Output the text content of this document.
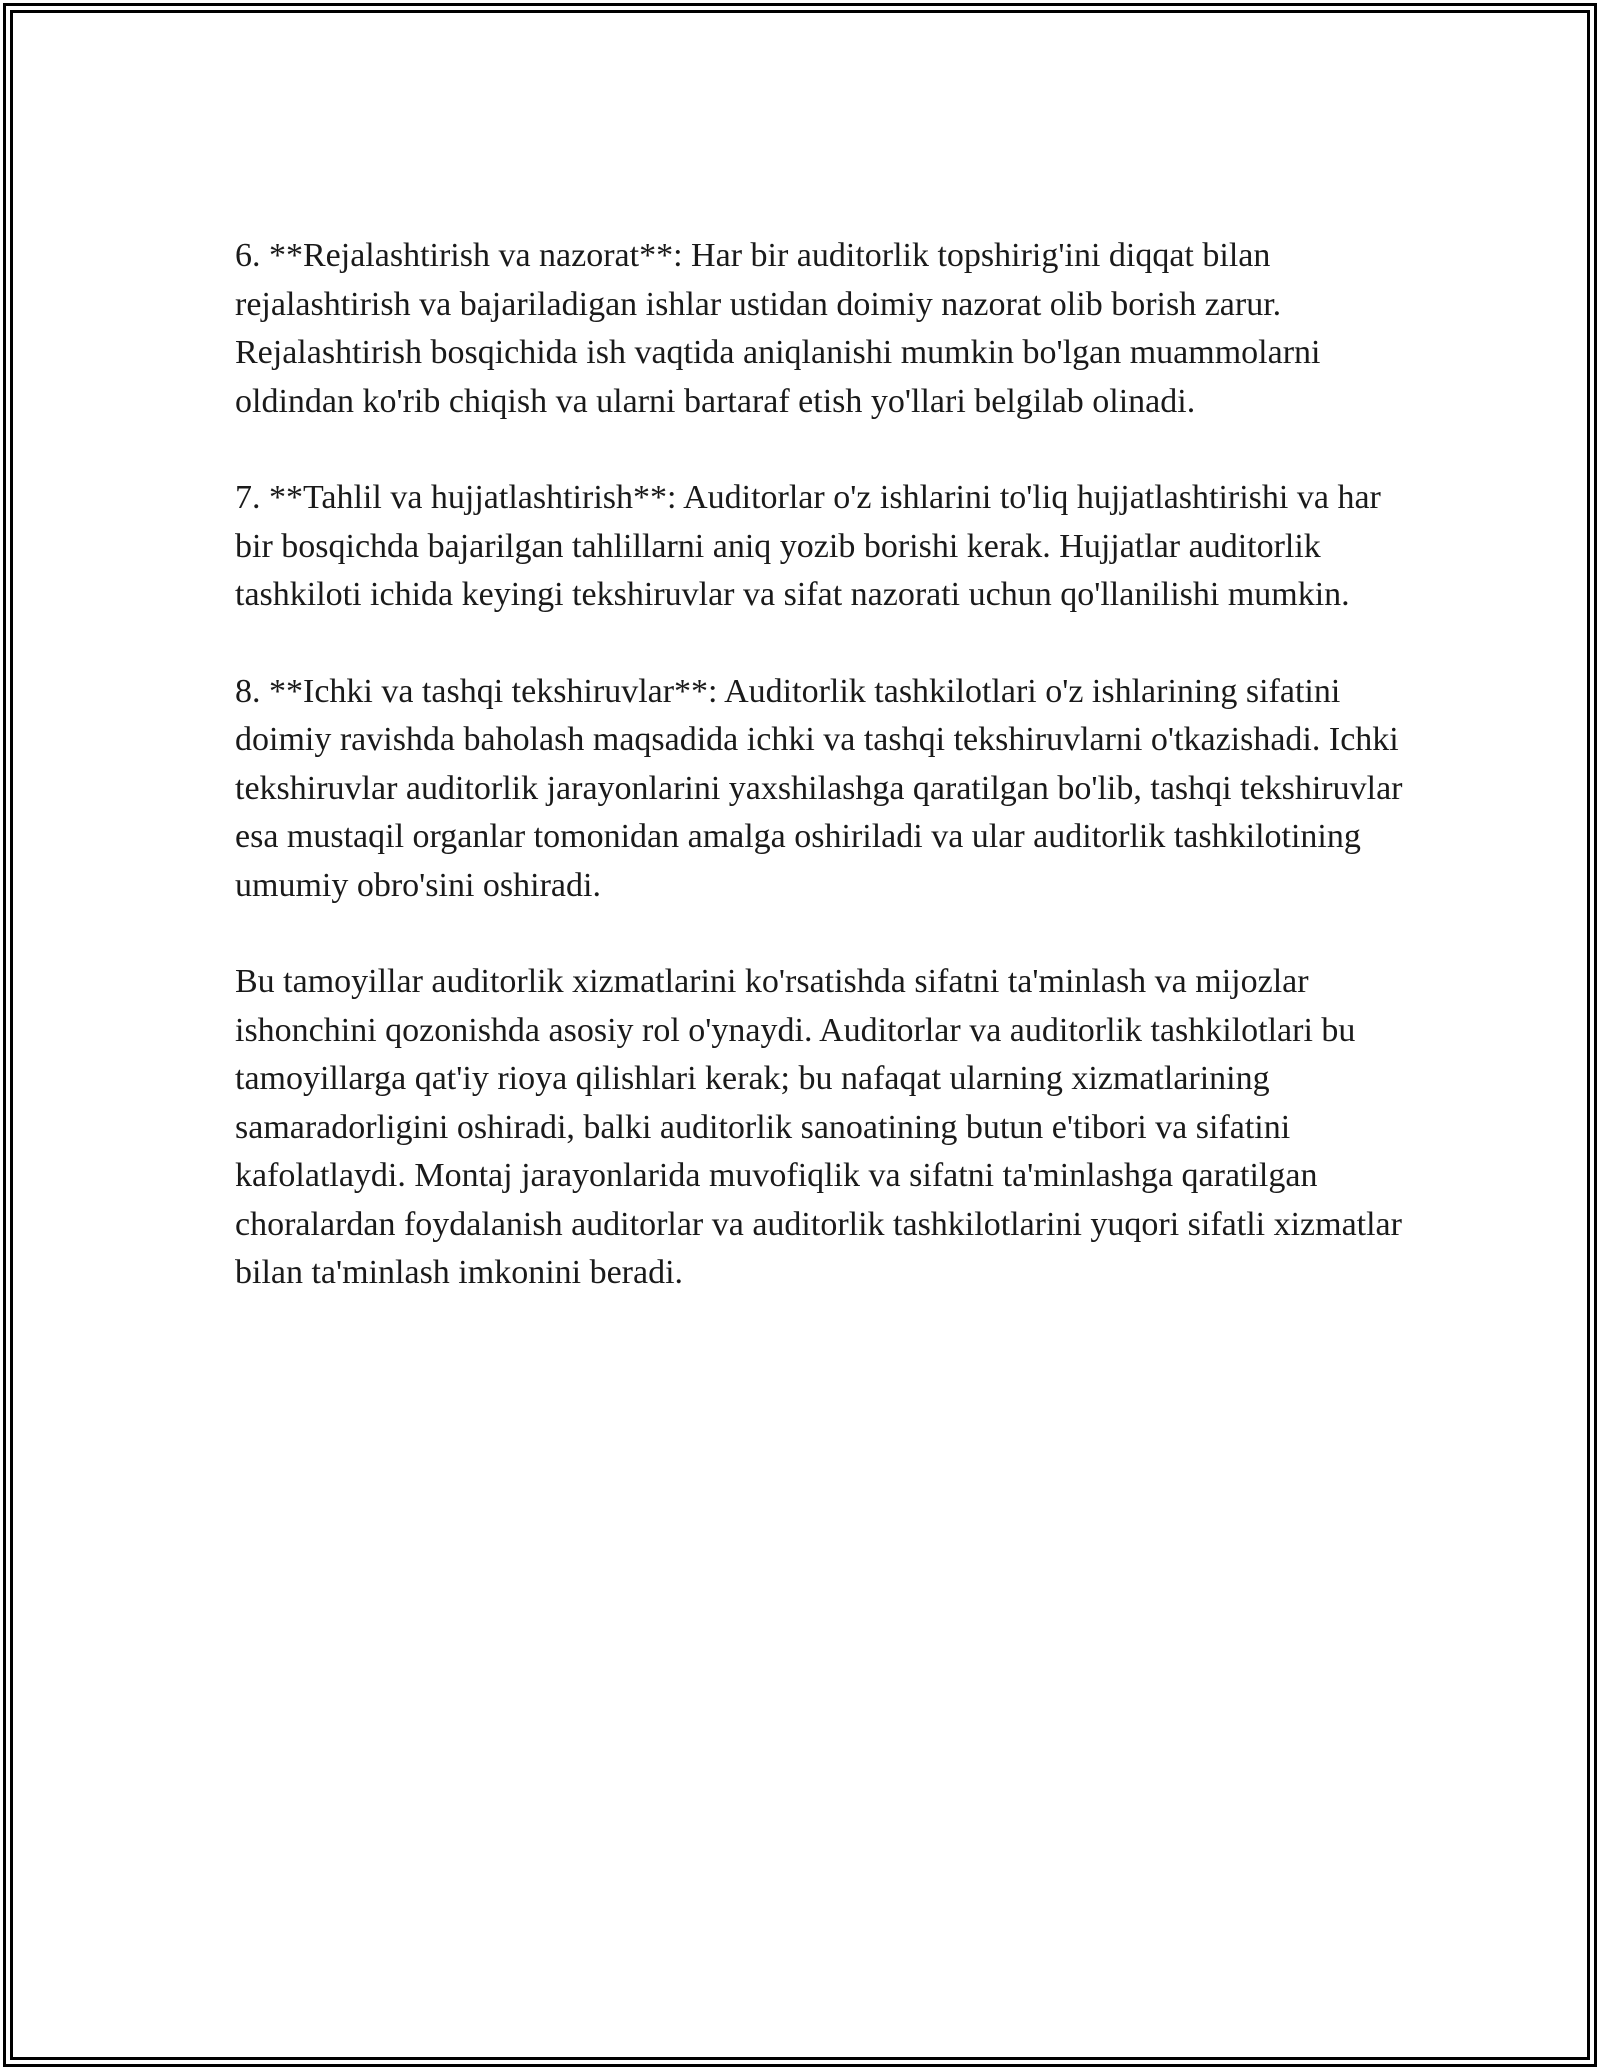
6. **Rejalashtirish va nazorat**: Har bir auditorlik topshirig'ini diqqat bilan rejalashtirish va bajariladigan ishlar ustidan doimiy nazorat olib borish zarur. Rejalashtirish bosqichida ish vaqtida aniqlanishi mumkin bo'lgan muammolarni oldindan ko'rib chiqish va ularni bartaraf etish yo'llari belgilab olinadi.

7. **Tahlil va hujjatlashtirish**: Auditorlar o'z ishlarini to'liq hujjatlashtirishi va har bir bosqichda bajarilgan tahlillarni aniq yozib borishi kerak. Hujjatlar auditorlik tashkiloti ichida keyingi tekshiruvlar va sifat nazorati uchun qo'llanilishi mumkin.

8. **Ichki va tashqi tekshiruvlar**: Auditorlik tashkilotlari o'z ishlarining sifatini doimiy ravishda baholash maqsadida ichki va tashqi tekshiruvlarni o'tkazishadi. Ichki tekshiruvlar auditorlik jarayonlarini yaxshilashga qaratilgan bo'lib, tashqi tekshiruvlar esa mustaqil organlar tomonidan amalga oshiriladi va ular auditorlik tashkilotining umumiy obro'sini oshiradi.

Bu tamoyillar auditorlik xizmatlarini ko'rsatishda sifatni ta'minlash va mijozlar ishonchini qozonishda asosiy rol o'ynaydi. Auditorlar va auditorlik tashkilotlari bu tamoyillarga qat'iy rioya qilishlari kerak; bu nafaqat ularning xizmatlarining samaradorligini oshiradi, balki auditorlik sanoatining butun e'tibori va sifatini kafolatlaydi. Montaj jarayonlarida muvofiqlik va sifatni ta'minlashga qaratilgan choralardan foydalanish auditorlar va auditorlik tashkilotlarini yuqori sifatli xizmatlar bilan ta'minlash imkonini beradi.
